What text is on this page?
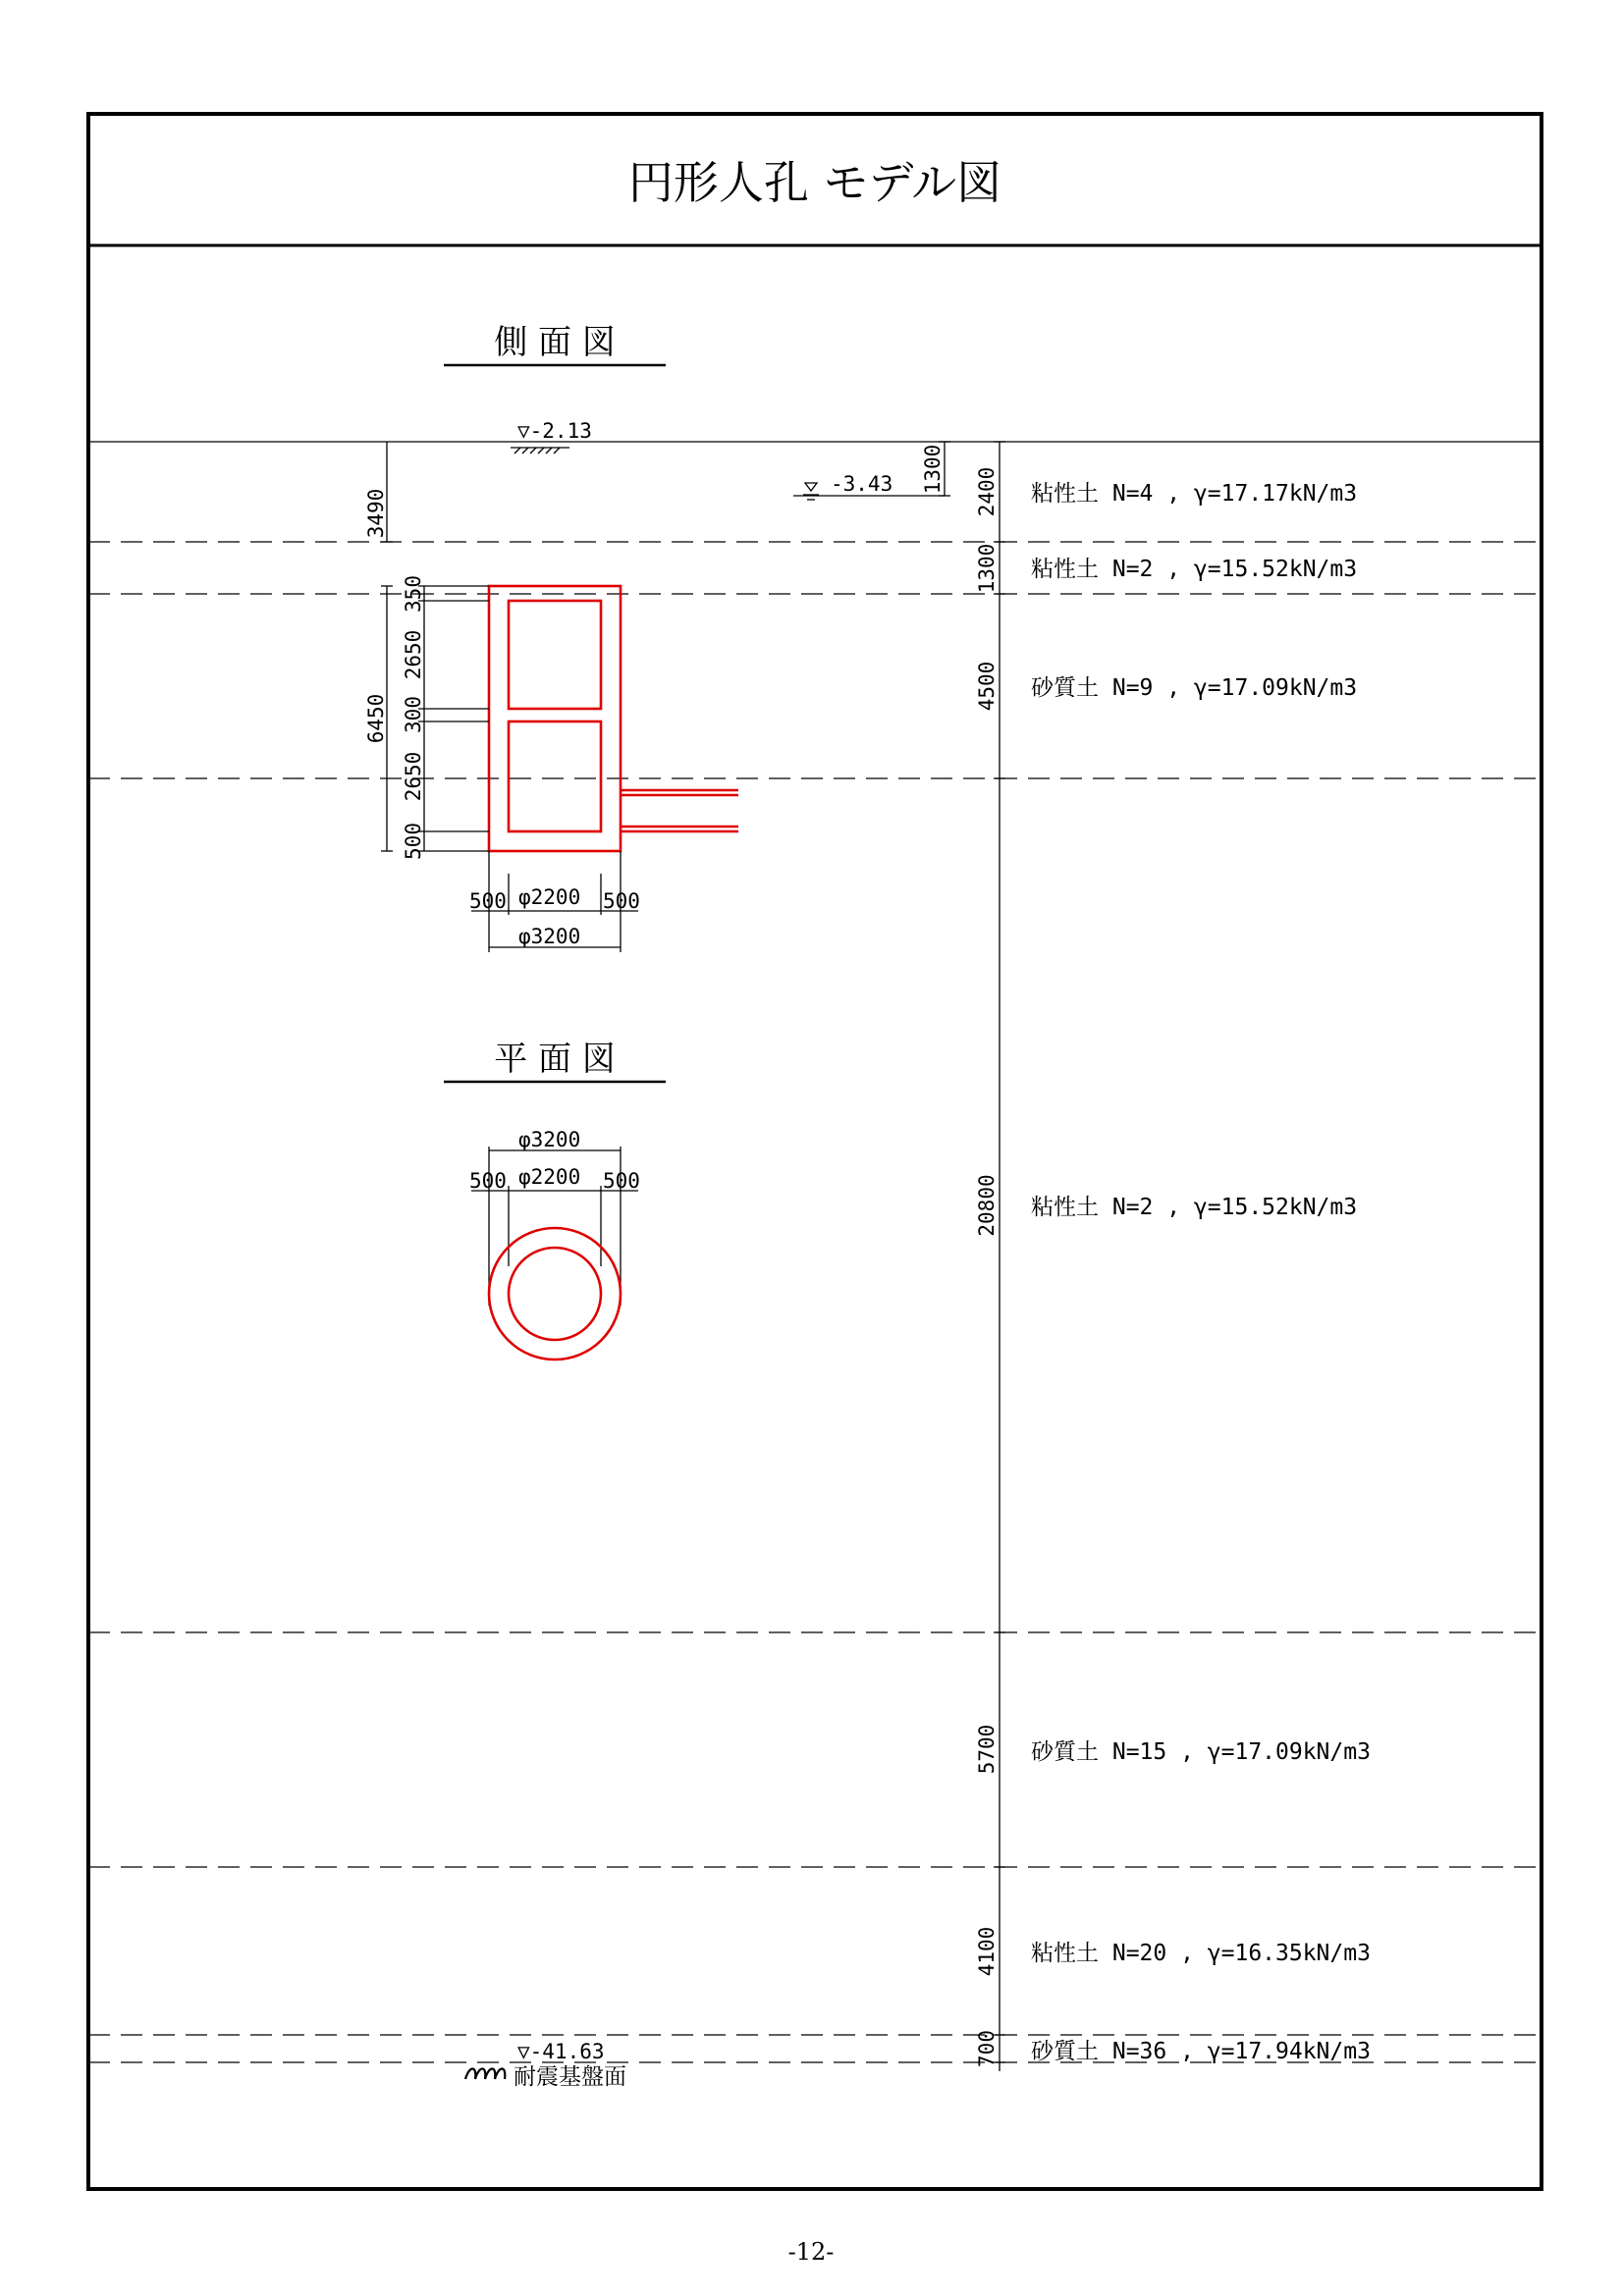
円形人孔 モデル図
側 面 図
▽-2.13
-3.43 1300 2400
1300
4500
20800
5700
4100
700
粘性土 N=4 , γ=17.17kN/m3
粘性土 N=2 , γ=15.52kN/m3
砂質土 N=9 , γ=17.09kN/m3
粘性土 N=2 , γ=15.52kN/m3
砂質土 N=15 , γ=17.09kN/m3
粘性土 N=20 , γ=16.35kN/m3
砂質土 N=36 , γ=17.94kN/m3
3490
6450
350
2650
300
2650
500
500 φ2200 500
φ3200
平 面 図
φ3200
500 φ2200 500
▽-41.63
耐震基盤面
-12-
